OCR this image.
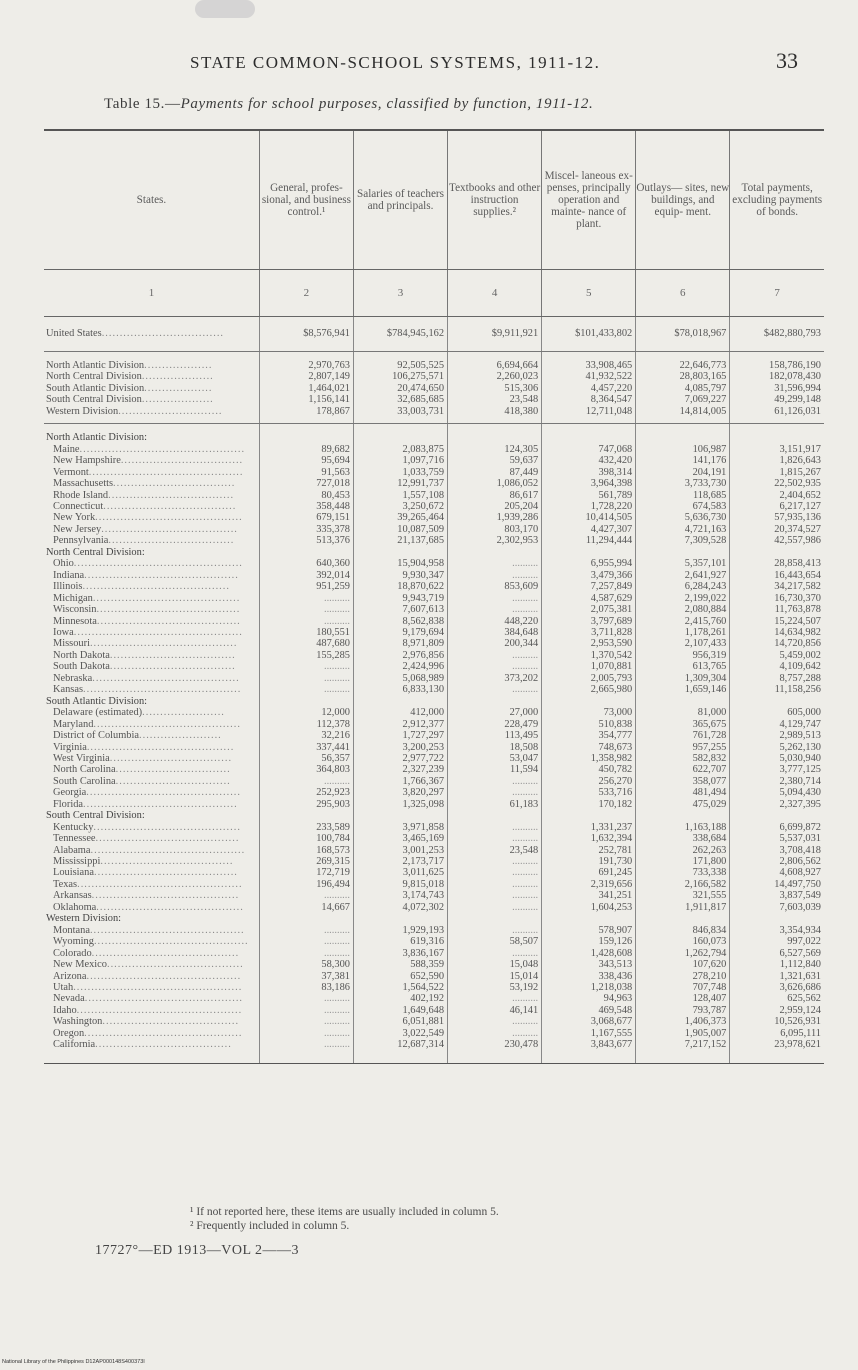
STATE COMMON-SCHOOL SYSTEMS, 1911-12.	33
Table 15.—Payments for school purposes, classified by function, 1911-12.
States.	General, profes- sional, and business control.¹	Salaries of teachers and principals.	Textbooks and other instruction supplies.²	Miscel- laneous ex- penses, principally operation and mainte- nance of plant.	Outlays— sites, new buildings, and equip- ment.	Total payments, excluding payments of bonds.
1	2	3	4	5	6	7
United States..................................	$8,576,941	$784,945,162	$9,911,921	$101,433,802	$78,018,967	$482,880,793

North Atlantic Division...................	2,970,763	92,505,525	6,694,664	33,908,465	22,646,773	158,786,190
North Central Division....................	2,807,149	106,275,571	2,260,023	41,932,522	28,803,165	182,078,430
South Atlantic Division...................	1,464,021	20,474,650	515,306	4,457,220	4,085,797	31,596,994
South Central Division....................	1,156,141	32,685,685	23,548	8,364,547	7,069,227	49,299,148
Western Division.............................	178,867	33,003,731	418,380	12,711,048	14,814,005	61,126,031

North Atlantic Division:						
Maine..............................................	89,682	2,083,875	124,305	747,068	106,987	3,151,917
New Hampshire..................................	95,694	1,097,716	59,637	432,420	141,176	1,826,643
Vermont...........................................	91,563	1,033,759	87,449	398,314	204,191	1,815,267
Massachusetts..................................	727,018	12,991,737	1,086,052	3,964,398	3,733,730	22,502,935
Rhode Island...................................	80,453	1,557,108	86,617	561,789	118,685	2,404,652
Connecticut.....................................	358,448	3,250,672	205,204	1,728,220	674,583	6,217,127
New York.........................................	679,151	39,265,464	1,939,286	10,414,505	5,636,730	57,935,136
New Jersey......................................	335,378	10,087,509	803,170	4,427,307	4,721,163	20,374,527
Pennsylvania...................................	513,376	21,137,685	2,302,953	11,294,444	7,309,528	42,557,986
North Central Division:						
Ohio...............................................	640,360	15,904,958	..........	6,955,994	5,357,101	28,858,413
Indiana...........................................	392,014	9,930,347	..........	3,479,366	2,641,927	16,443,654
Illinois.........................................	951,259	18,870,622	853,609	7,257,849	6,284,243	34,217,582
Michigan.........................................	..........	9,943,719	..........	4,587,629	2,199,022	16,730,370
Wisconsin........................................	..........	7,607,613	..........	2,075,381	2,080,884	11,763,878
Minnesota........................................	..........	8,562,838	448,220	3,797,689	2,415,760	15,224,507
Iowa...............................................	180,551	9,179,694	384,648	3,711,828	1,178,261	14,634,982
Missouri.........................................	487,680	8,971,809	200,344	2,953,590	2,107,433	14,720,856
North Dakota...................................	155,285	2,976,856	..........	1,370,542	956,319	5,459,002
South Dakota...................................	..........	2,424,996	..........	1,070,881	613,765	4,109,642
Nebraska.........................................	..........	5,068,989	373,202	2,005,793	1,309,304	8,757,288
Kansas............................................	..........	6,833,130	..........	2,665,980	1,659,146	11,158,256
South Atlantic Division:						
Delaware (estimated).......................	12,000	412,000	27,000	73,000	81,000	605,000
Maryland.........................................	112,378	2,912,377	228,479	510,838	365,675	4,129,747
District of Columbia.......................	32,216	1,727,297	113,495	354,777	761,728	2,989,513
Virginia.........................................	337,441	3,200,253	18,508	748,673	957,255	5,262,130
West Virginia..................................	56,357	2,977,722	53,047	1,358,982	582,832	5,030,940
North Carolina................................	364,803	2,327,239	11,594	450,782	622,707	3,777,125
South Carolina................................	..........	1,766,367	..........	256,270	358,077	2,380,714
Georgia...........................................	252,923	3,820,297	..........	533,716	481,494	5,094,430
Florida...........................................	295,903	1,325,098	61,183	170,182	475,029	2,327,395
South Central Division:						
Kentucky.........................................	233,589	3,971,858	..........	1,331,237	1,163,188	6,699,872
Tennessee........................................	100,784	3,465,169	..........	1,632,394	338,684	5,537,031
Alabama...........................................	168,573	3,001,253	23,548	252,781	262,263	3,708,418
Mississippi.....................................	269,315	2,173,717	..........	191,730	171,800	2,806,562
Louisiana........................................	172,719	3,011,625	..........	691,245	733,338	4,608,927
Texas..............................................	196,494	9,815,018	..........	2,319,656	2,166,582	14,497,750
Arkansas.........................................	..........	3,174,743	..........	341,251	321,555	3,837,549
Oklahoma.........................................	14,667	4,072,302	..........	1,604,253	1,911,817	7,603,039
Western Division:						
Montana...........................................	..........	1,929,193	..........	578,907	846,834	3,354,934
Wyoming...........................................	..........	619,316	58,507	159,126	160,073	997,022
Colorado.........................................	..........	3,836,167	..........	1,428,608	1,262,794	6,527,569
New Mexico......................................	58,300	588,359	15,048	343,513	107,620	1,112,840
Arizona...........................................	37,381	652,590	15,014	338,436	278,210	1,321,631
Utah...............................................	83,186	1,564,522	53,192	1,218,038	707,748	3,626,686
Nevada............................................	..........	402,192	..........	94,963	128,407	625,562
Idaho..............................................	..........	1,649,648	46,141	469,548	793,787	2,959,124
Washington......................................	..........	6,051,881	..........	3,068,677	1,406,373	10,526,931
Oregon............................................	..........	3,022,549	..........	1,167,555	1,905,007	6,095,111
California......................................	..........	12,687,314	230,478	3,843,677	7,217,152	23,978,621

¹ If not reported here, these items are usually included in column 5.
² Frequently included in column 5.
17727°—ED 1913—VOL 2——3
National Library of the Philippines D12AP000148S400373I
